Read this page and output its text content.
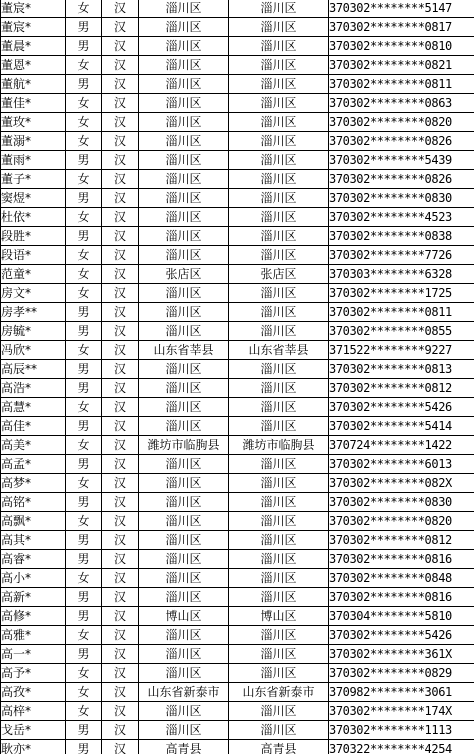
董宸*	女	汉	淄川区	淄川区	370302********5147
董宸*	男	汉	淄川区	淄川区	370302********0817
董晨*	男	汉	淄川区	淄川区	370302********0810
董恩*	女	汉	淄川区	淄川区	370302********0821
董航*	男	汉	淄川区	淄川区	370302********0811
董佳*	女	汉	淄川区	淄川区	370302********0863
董玫*	女	汉	淄川区	淄川区	370302********0820
董溺*	女	汉	淄川区	淄川区	370302********0826
董雨*	男	汉	淄川区	淄川区	370302********5439
董子*	女	汉	淄川区	淄川区	370302********0826
窦煜*	男	汉	淄川区	淄川区	370302********0830
杜依*	女	汉	淄川区	淄川区	370302********4523
段胜*	男	汉	淄川区	淄川区	370302********0838
段语*	女	汉	淄川区	淄川区	370302********7726
范童*	女	汉	张店区	张店区	370303********6328
房文*	女	汉	淄川区	淄川区	370302********1725
房孝**	男	汉	淄川区	淄川区	370302********0811
房毓*	男	汉	淄川区	淄川区	370302********0855
冯欣*	女	汉	山东省莘县	山东省莘县	371522********9227
高辰**	男	汉	淄川区	淄川区	370302********0813
高浩*	男	汉	淄川区	淄川区	370302********0812
高慧*	女	汉	淄川区	淄川区	370302********5426
高佳*	男	汉	淄川区	淄川区	370302********5414
高美*	女	汉	潍坊市临朐县	潍坊市临朐县	370724********1422
高孟*	男	汉	淄川区	淄川区	370302********6013
高梦*	女	汉	淄川区	淄川区	370302********082X
高铭*	男	汉	淄川区	淄川区	370302********0830
高飘*	女	汉	淄川区	淄川区	370302********0820
高其*	男	汉	淄川区	淄川区	370302********0812
高睿*	男	汉	淄川区	淄川区	370302********0816
高小*	女	汉	淄川区	淄川区	370302********0848
高新*	男	汉	淄川区	淄川区	370302********0816
高修*	男	汉	博山区	博山区	370304********5810
高雅*	女	汉	淄川区	淄川区	370302********5426
高一*	男	汉	淄川区	淄川区	370302********361X
高予*	女	汉	淄川区	淄川区	370302********0829
高孜*	女	汉	山东省新泰市	山东省新泰市	370982********3061
高梓*	女	汉	淄川区	淄川区	370302********174X
戈岳*	男	汉	淄川区	淄川区	370302********1113
耿亦*	男	汉	高青县	高青县	370322********4254
